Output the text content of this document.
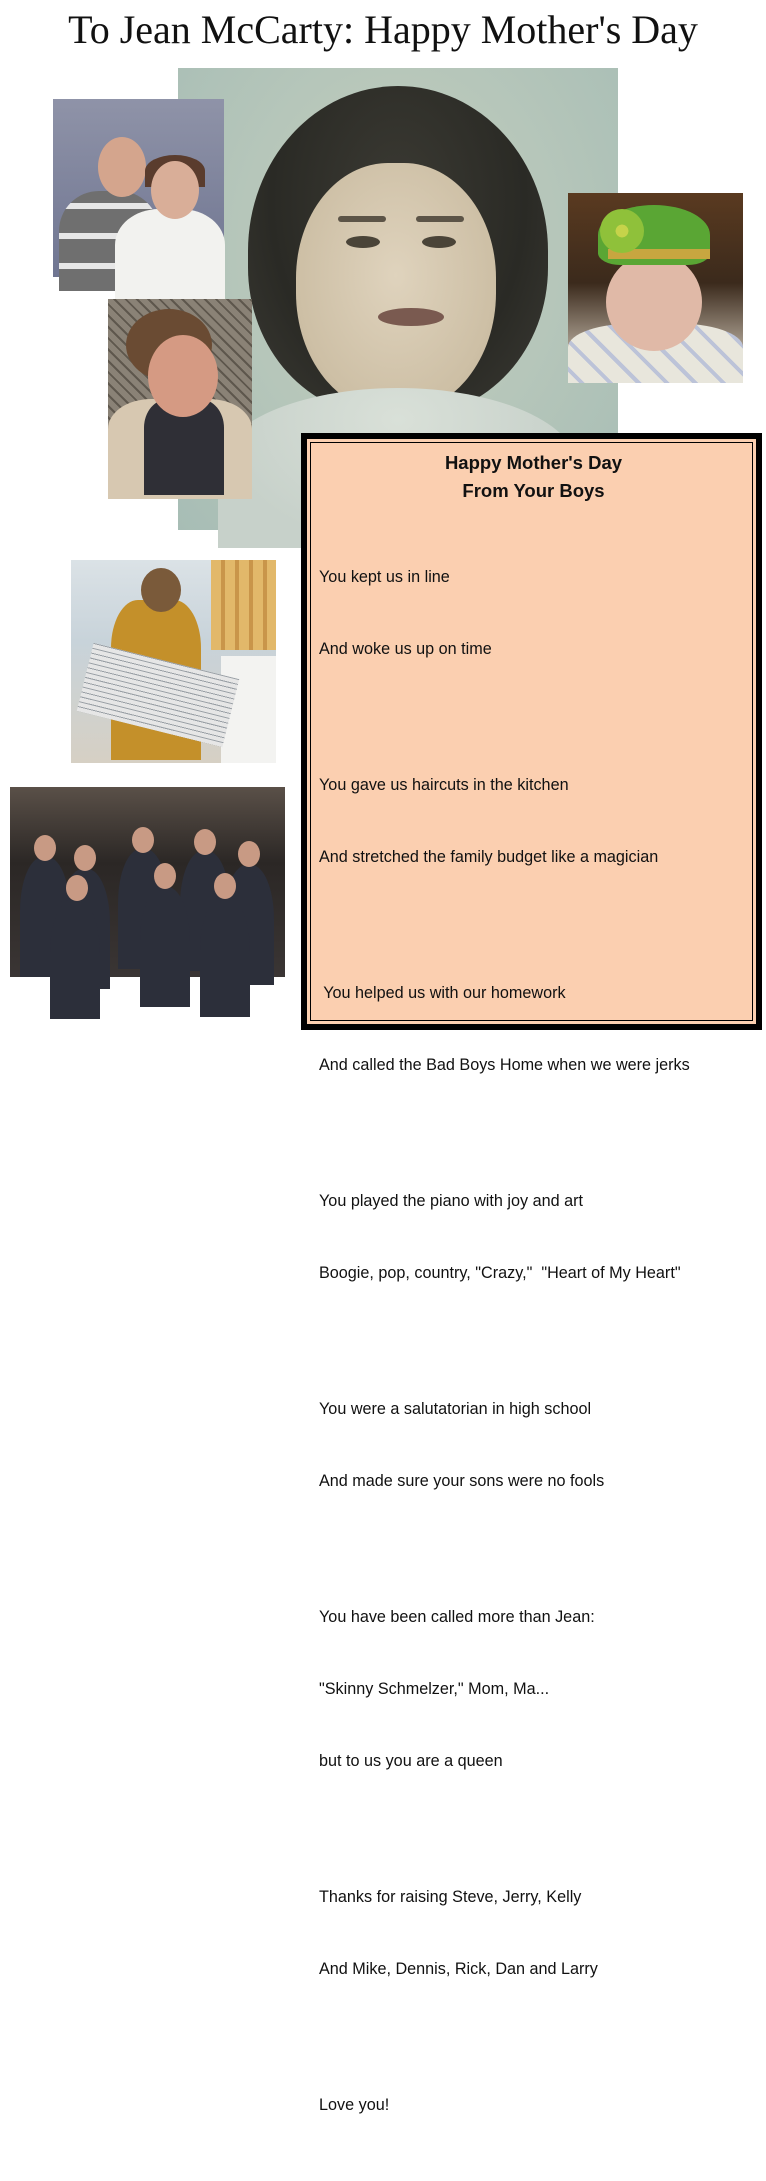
To Jean McCarty: Happy Mother's Day
Happy Mother's Day
From Your Boys

You kept us in line

And woke us up on time

You gave us haircuts in the kitchen

And stretched the family budget like a magician

You helped us with our homework

And called the Bad Boys Home when we were jerks

You played the piano with joy and art

Boogie, pop, country, "Crazy,"  "Heart of My Heart"

You were a salutatorian in high school

And made sure your sons were no fools

You have been called more than Jean:

"Skinny Schmelzer," Mom, Ma...

but to us you are a queen

Thanks for raising Steve, Jerry, Kelly

And Mike, Dennis, Rick, Dan and Larry

Love you!
